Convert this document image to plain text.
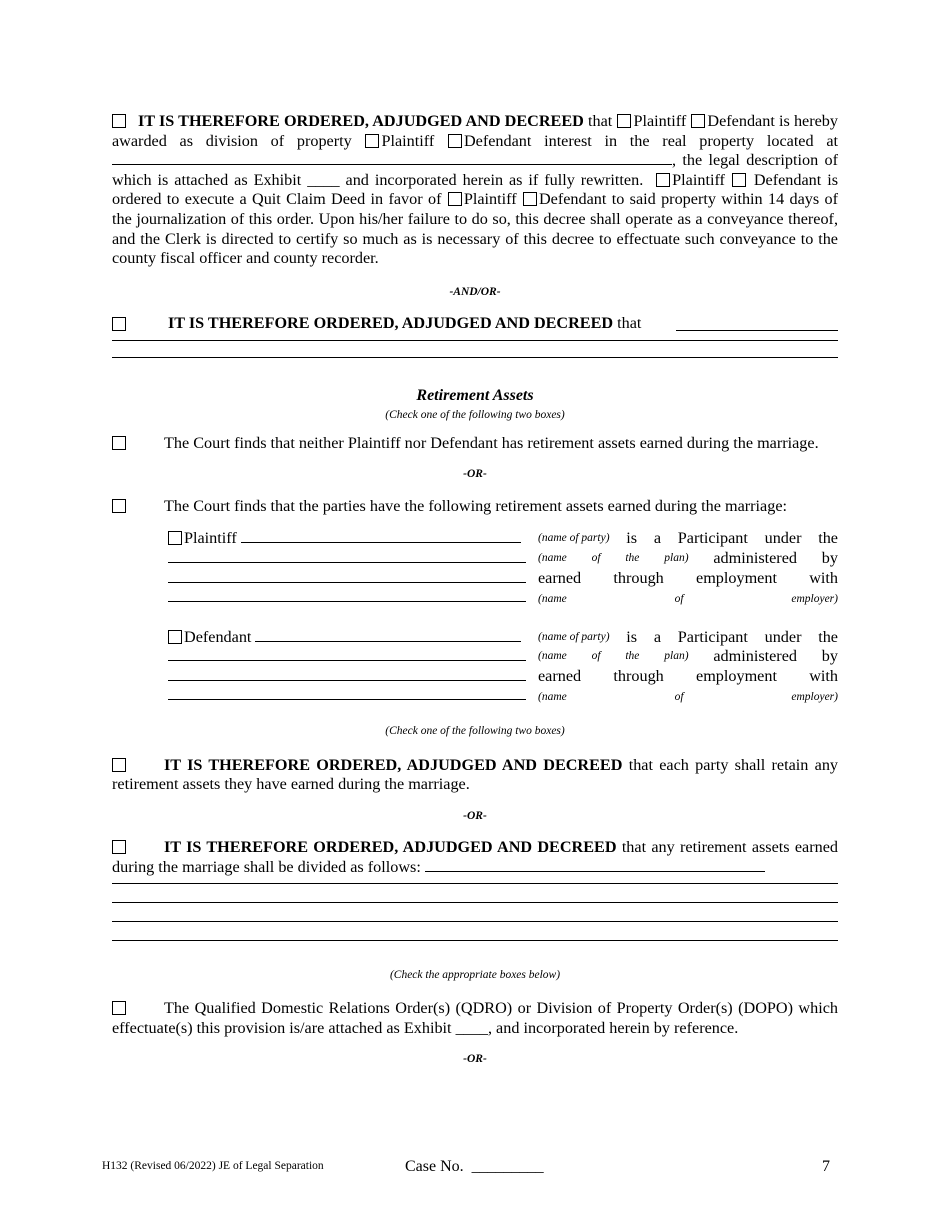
IT IS THEREFORE ORDERED, ADJUDGED AND DECREED that Plaintiff Defendant is hereby awarded as division of property Plaintiff Defendant interest in the real property located at , the legal description of which is attached as Exhibit ____ and incorporated herein as if fully rewritten. Plaintiff Defendant is ordered to execute a Quit Claim Deed in favor of Plaintiff Defendant to said property within 14 days of the journalization of this order. Upon his/her failure to do so, this decree shall operate as a conveyance thereof, and the Clerk is directed to certify so much as is necessary of this decree to effectuate such conveyance to the county fiscal officer and county recorder.

-AND/OR-
IT IS THEREFORE ORDERED, ADJUDGED AND DECREED that
Retirement Assets
(Check one of the following two boxes)

The Court finds that neither Plaintiff nor Defendant has retirement assets earned during the marriage.

-OR-

The Court finds that the parties have the following retirement assets earned during the marriage:

Plaintiff	(name of party) is a Participant under the
(name of the plan) administered by
earned through employment with
(name of employer)
Defendant	(name of party) is a Participant under the
(name of the plan) administered by
earned through employment with
(name of employer)
(Check one of the following two boxes)

IT IS THEREFORE ORDERED, ADJUDGED AND DECREED that each party shall retain any retirement assets they have earned during the marriage.

-OR-

IT IS THEREFORE ORDERED, ADJUDGED AND DECREED that any retirement assets earned during the marriage shall be divided as follows:

(Check the appropriate boxes below)

The Qualified Domestic Relations Order(s) (QDRO) or Division of Property Order(s) (DOPO) which effectuate(s) this provision is/are attached as Exhibit ____, and incorporated herein by reference.

-OR-
H132 (Revised 06/2022) JE of Legal Separation	Case No. _________	7
